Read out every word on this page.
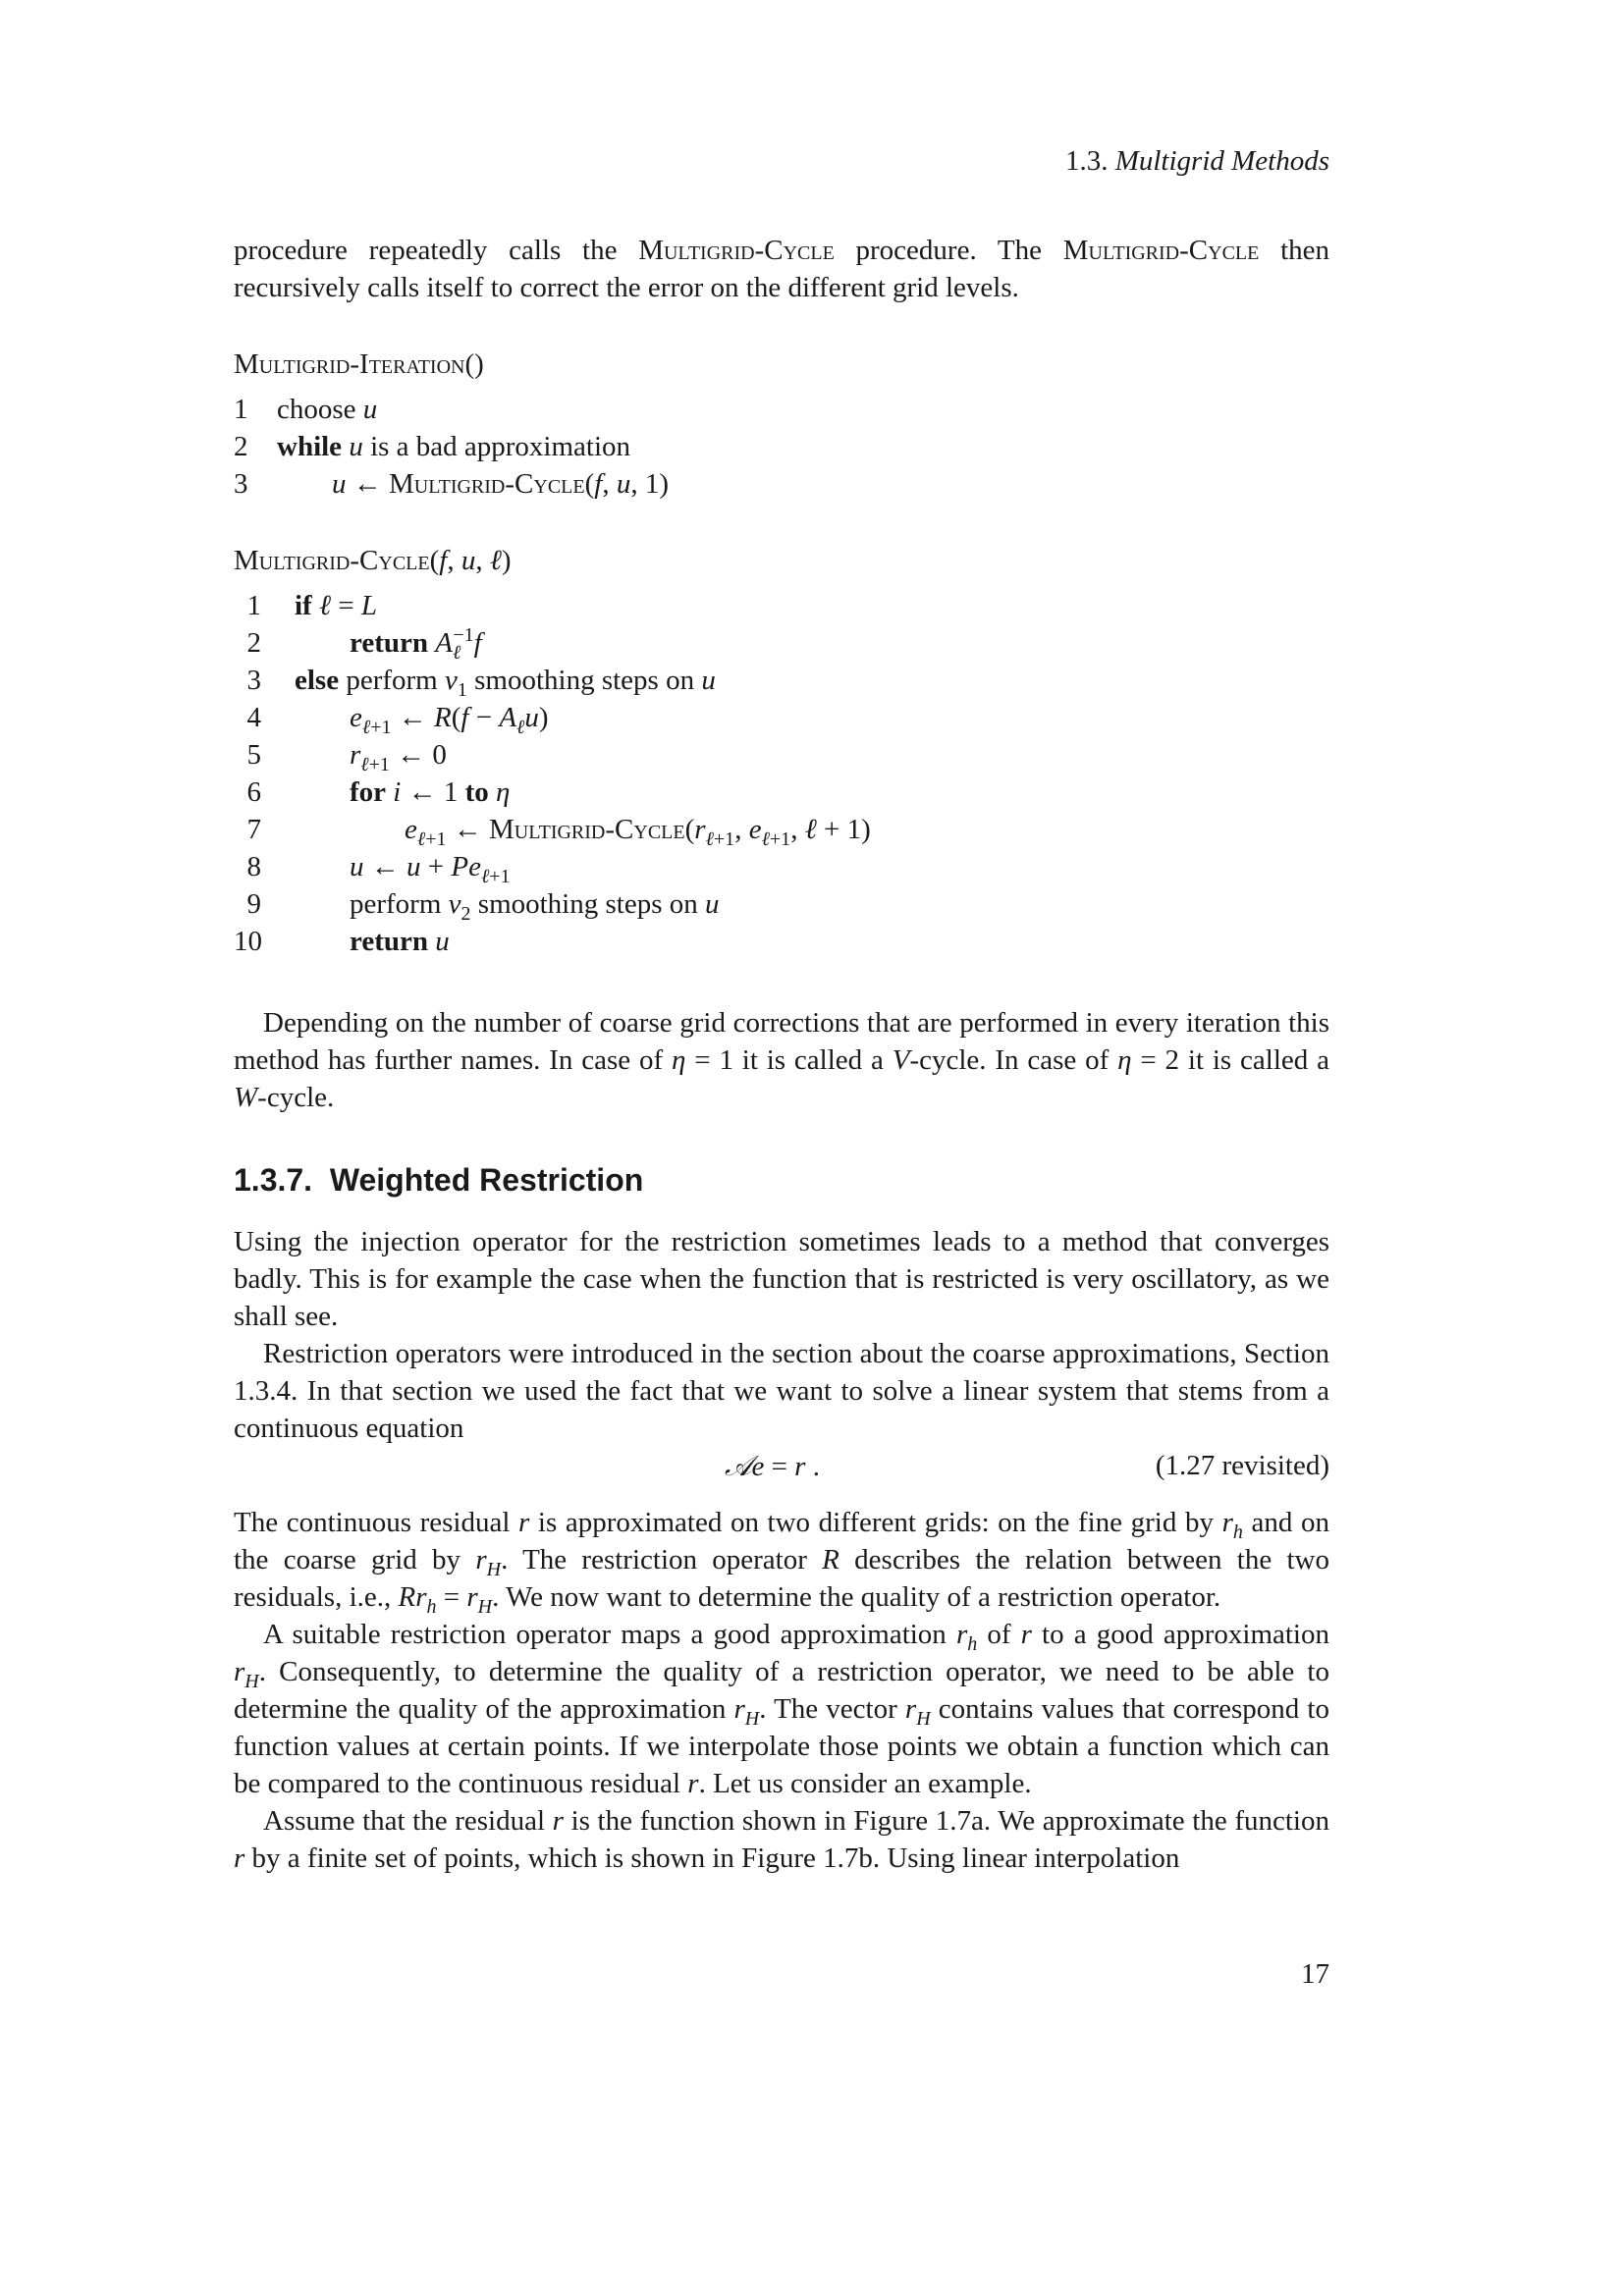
1.3. Multigrid Methods
procedure repeatedly calls the Multigrid-Cycle procedure. The Multigrid-Cycle then recursively calls itself to correct the error on the different grid levels.
Multigrid-Iteration()
1 choose u
2 while u is a bad approximation
3	u ← Multigrid-Cycle(f, u, 1)
Multigrid-Cycle(f, u, ℓ)
1 if ℓ = L
2	return $A_\ell^{-1}f$
3 else perform $\nu_1$ smoothing steps on u
4	$e_{\ell+1}$ ← $R(f - A_\ell u)$
5	$r_{\ell+1}$ ← 0
6	for i ← 1 to η
7	$e_{\ell+1}$ ← Multigrid-$Cycle(r_{\ell+1}$, $e_{\ell+1}$, ℓ + 1)
8	u ← $u + Pe_{\ell+1}$
9	perform $\nu_2$ smoothing steps on u
10	return u
Depending on the number of coarse grid corrections that are performed in every iteration this method has further names. In case of η = 1 it is called a V-cycle. In case of η = 2 it is called a W-cycle.
1.3.7. Weighted Restriction
Using the injection operator for the restriction sometimes leads to a method that converges badly. This is for example the case when the function that is restricted is very oscillatory, as we shall see.
Restriction operators were introduced in the section about the coarse approximations, Section 1.3.4. In that section we used the fact that we want to solve a linear system that stems from a continuous equation
𝒜e = r .	(1.27 revisited)
The continuous residual r is approximated on two different grids: on the fine grid by $r_h$ and on the coarse grid by $r_H$. The restriction operator R describes the relation between the two residuals, i.e., $Rr_h = r_H$. We now want to determine the quality of a restriction operator.
A suitable restriction operator maps a good approximation $r_h$ of r to a good approximation $r_H$. Consequently, to determine the quality of a restriction operator, we need to be able to determine the quality of the approximation $r_H$. The vector $r_H$ contains values that correspond to function values at certain points. If we interpolate those points we obtain a function which can be compared to the continuous residual r. Let us consider an example.
Assume that the residual r is the function shown in Figure 1.7a. We approximate the function r by a finite set of points, which is shown in Figure 1.7b. Using linear interpolation
17
